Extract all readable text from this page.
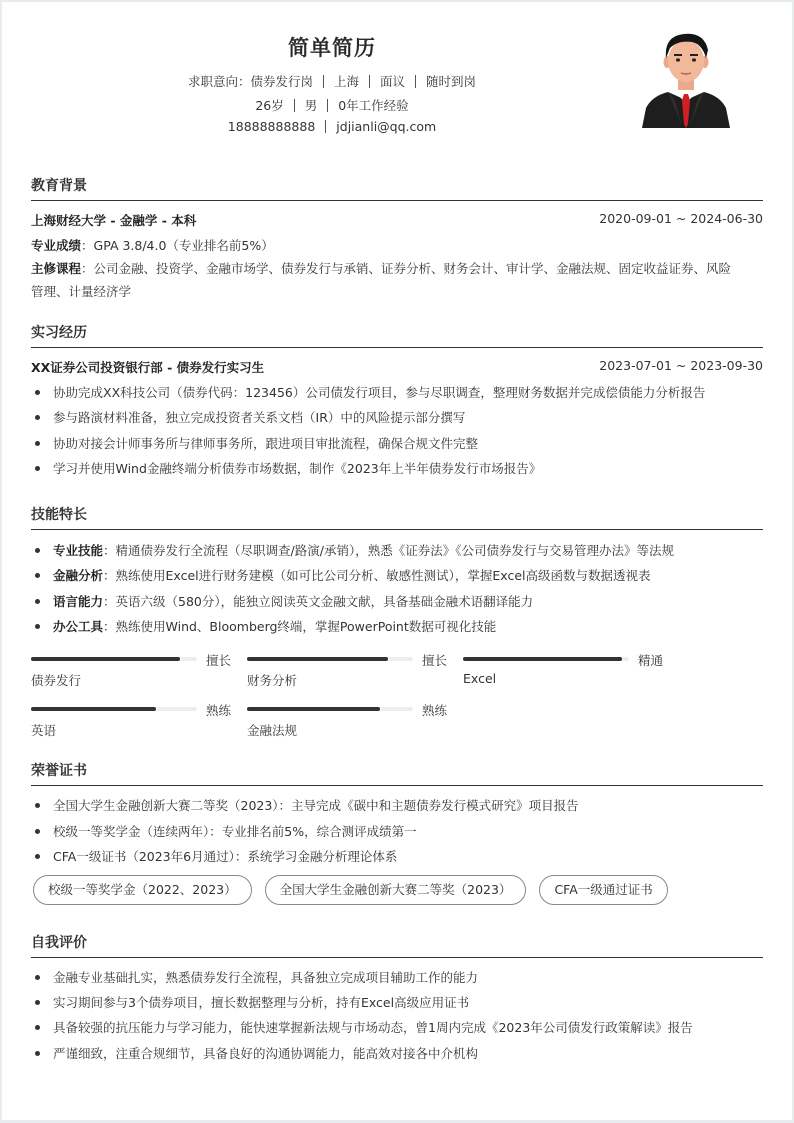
简单简历
求职意向：债券发行岗 上海 面议 随时到岗
26岁 男 0年工作经验
18888888888 jdjianli@qq.com
教育背景
上海财经大学 - 金融学 - 本科	2020-09-01 ~ 2024-06-30
专业成绩：GPA 3.8/4.0（专业排名前5%）
主修课程：公司金融、投资学、金融市场学、债券发行与承销、证券分析、财务会计、审计学、金融法规、固定收益证券、风险
管理、计量经济学
实习经历
XX证券公司投资银行部 - 债券发行实习生	2023-07-01 ~ 2023-09-30
协助完成XX科技公司（债券代码：123456）公司债发行项目，参与尽职调查，整理财务数据并完成偿债能力分析报告
参与路演材料准备，独立完成投资者关系文档（IR）中的风险提示部分撰写
协助对接会计师事务所与律师事务所，跟进项目审批流程，确保合规文件完整
学习并使用Wind金融终端分析债券市场数据，制作《2023年上半年债券发行市场报告》
技能特长
专业技能：精通债券发行全流程（尽职调查/路演/承销），熟悉《证券法》《公司债券发行与交易管理办法》等法规
金融分析：熟练使用Excel进行财务建模（如可比公司分析、敏感性测试），掌握Excel高级函数与数据透视表
语言能力：英语六级（580分），能独立阅读英文金融文献，具备基础金融术语翻译能力
办公工具：熟练使用Wind、Bloomberg终端，掌握PowerPoint数据可视化技能
擅长
债券发行
擅长
财务分析
精通
Excel
熟练
英语
熟练
金融法规
荣誉证书
全国大学生金融创新大赛二等奖（2023）：主导完成《碳中和主题债券发行模式研究》项目报告
校级一等奖学金（连续两年）：专业排名前5%，综合测评成绩第一
CFA一级证书（2023年6月通过）：系统学习金融分析理论体系
校级一等奖学金（2022、2023）	全国大学生金融创新大赛二等奖（2023）	CFA一级通过证书
自我评价
金融专业基础扎实，熟悉债券发行全流程，具备独立完成项目辅助工作的能力
实习期间参与3个债券项目，擅长数据整理与分析，持有Excel高级应用证书
具备较强的抗压能力与学习能力，能快速掌握新法规与市场动态，曾1周内完成《2023年公司债发行政策解读》报告
严谨细致，注重合规细节，具备良好的沟通协调能力，能高效对接各中介机构
